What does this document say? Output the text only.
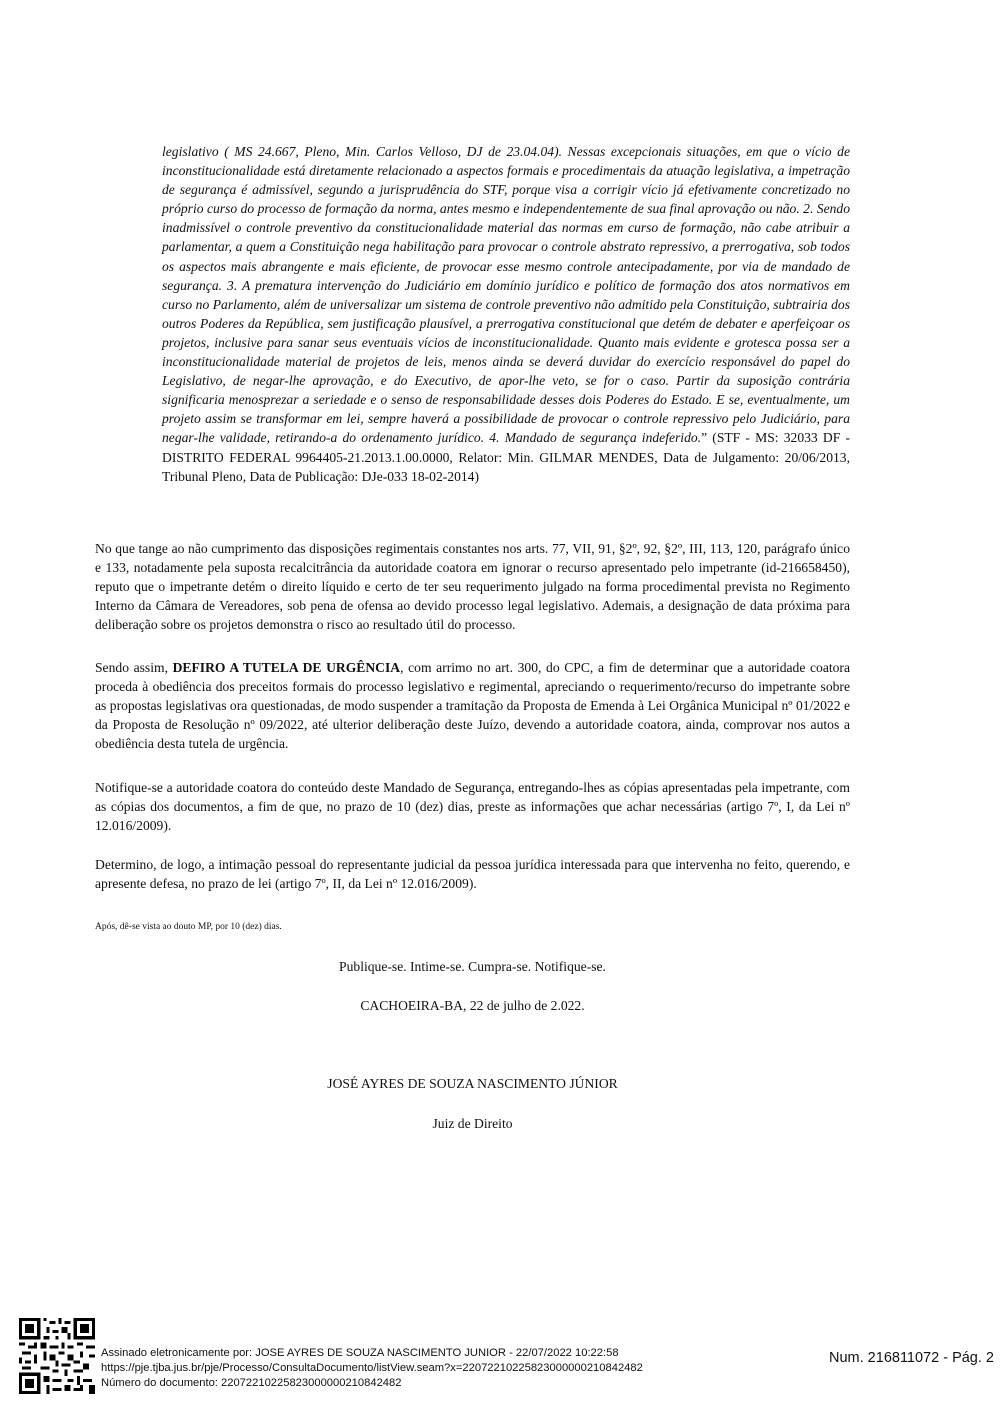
legislativo ( MS 24.667, Pleno, Min. Carlos Velloso, DJ de 23.04.04). Nessas excepcionais situações, em que o vício de inconstitucionalidade está diretamente relacionado a aspectos formais e procedimentais da atuação legislativa, a impetração de segurança é admissível, segundo a jurisprudência do STF, porque visa a corrigir vício já efetivamente concretizado no próprio curso do processo de formação da norma, antes mesmo e independentemente de sua final aprovação ou não. 2. Sendo inadmissível o controle preventivo da constitucionalidade material das normas em curso de formação, não cabe atribuir a parlamentar, a quem a Constituição nega habilitação para provocar o controle abstrato repressivo, a prerrogativa, sob todos os aspectos mais abrangente e mais eficiente, de provocar esse mesmo controle antecipadamente, por via de mandado de segurança. 3. A prematura intervenção do Judiciário em domínio jurídico e político de formação dos atos normativos em curso no Parlamento, além de universalizar um sistema de controle preventivo não admitido pela Constituição, subtrairia dos outros Poderes da República, sem justificação plausível, a prerrogativa constitucional que detém de debater e aperfeiçoar os projetos, inclusive para sanar seus eventuais vícios de inconstitucionalidade. Quanto mais evidente e grotesca possa ser a inconstitucionalidade material de projetos de leis, menos ainda se deverá duvidar do exercício responsável do papel do Legislativo, de negar-lhe aprovação, e do Executivo, de apor-lhe veto, se for o caso. Partir da suposição contrária significaria menosprezar a seriedade e o senso de responsabilidade desses dois Poderes do Estado. E se, eventualmente, um projeto assim se transformar em lei, sempre haverá a possibilidade de provocar o controle repressivo pelo Judiciário, para negar-lhe validade, retirando-a do ordenamento jurídico. 4. Mandado de segurança indeferido.” (STF - MS: 32033 DF - DISTRITO FEDERAL 9964405-21.2013.1.00.0000, Relator: Min. GILMAR MENDES, Data de Julgamento: 20/06/2013, Tribunal Pleno, Data de Publicação: DJe-033 18-02-2014)
No que tange ao não cumprimento das disposições regimentais constantes nos arts. 77, VII, 91, §2º, 92, §2º, III, 113, 120, parágrafo único e 133, notadamente pela suposta recalcitrância da autoridade coatora em ignorar o recurso apresentado pelo impetrante (id-216658450), reputo que o impetrante detém o direito líquido e certo de ter seu requerimento julgado na forma procedimental prevista no Regimento Interno da Câmara de Vereadores, sob pena de ofensa ao devido processo legal legislativo. Ademais, a designação de data próxima para deliberação sobre os projetos demonstra o risco ao resultado útil do processo.
Sendo assim, DEFIRO A TUTELA DE URGÊNCIA, com arrimo no art. 300, do CPC, a fim de determinar que a autoridade coatora proceda à obediência dos preceitos formais do processo legislativo e regimental, apreciando o requerimento/recurso do impetrante sobre as propostas legislativas ora questionadas, de modo suspender a tramitação da Proposta de Emenda à Lei Orgânica Municipal nº 01/2022 e da Proposta de Resolução nº 09/2022, até ulterior deliberação deste Juízo, devendo a autoridade coatora, ainda, comprovar nos autos a obediência desta tutela de urgência.
Notifique-se a autoridade coatora do conteúdo deste Mandado de Segurança, entregando-lhes as cópias apresentadas pela impetrante, com as cópias dos documentos, a fim de que, no prazo de 10 (dez) dias, preste as informações que achar necessárias (artigo 7º, I, da Lei nº 12.016/2009).
Determino, de logo, a intimação pessoal do representante judicial da pessoa jurídica interessada para que intervenha no feito, querendo, e apresente defesa, no prazo de lei (artigo 7º, II, da Lei nº 12.016/2009).
Após, dê-se vista ao douto MP, por 10 (dez) dias.
Publique-se. Intime-se. Cumpra-se. Notifique-se.
CACHOEIRA-BA, 22 de julho de 2.022.
JOSÉ AYRES DE SOUZA NASCIMENTO JÚNIOR
Juiz de Direito
Assinado eletronicamente por: JOSE AYRES DE SOUZA NASCIMENTO JUNIOR - 22/07/2022 10:22:58
https://pje.tjba.jus.br/pje/Processo/ConsultaDocumento/listView.seam?x=22072210225823000000210842482
Número do documento: 22072210225823000000210842482
Num. 216811072 - Pág. 2
